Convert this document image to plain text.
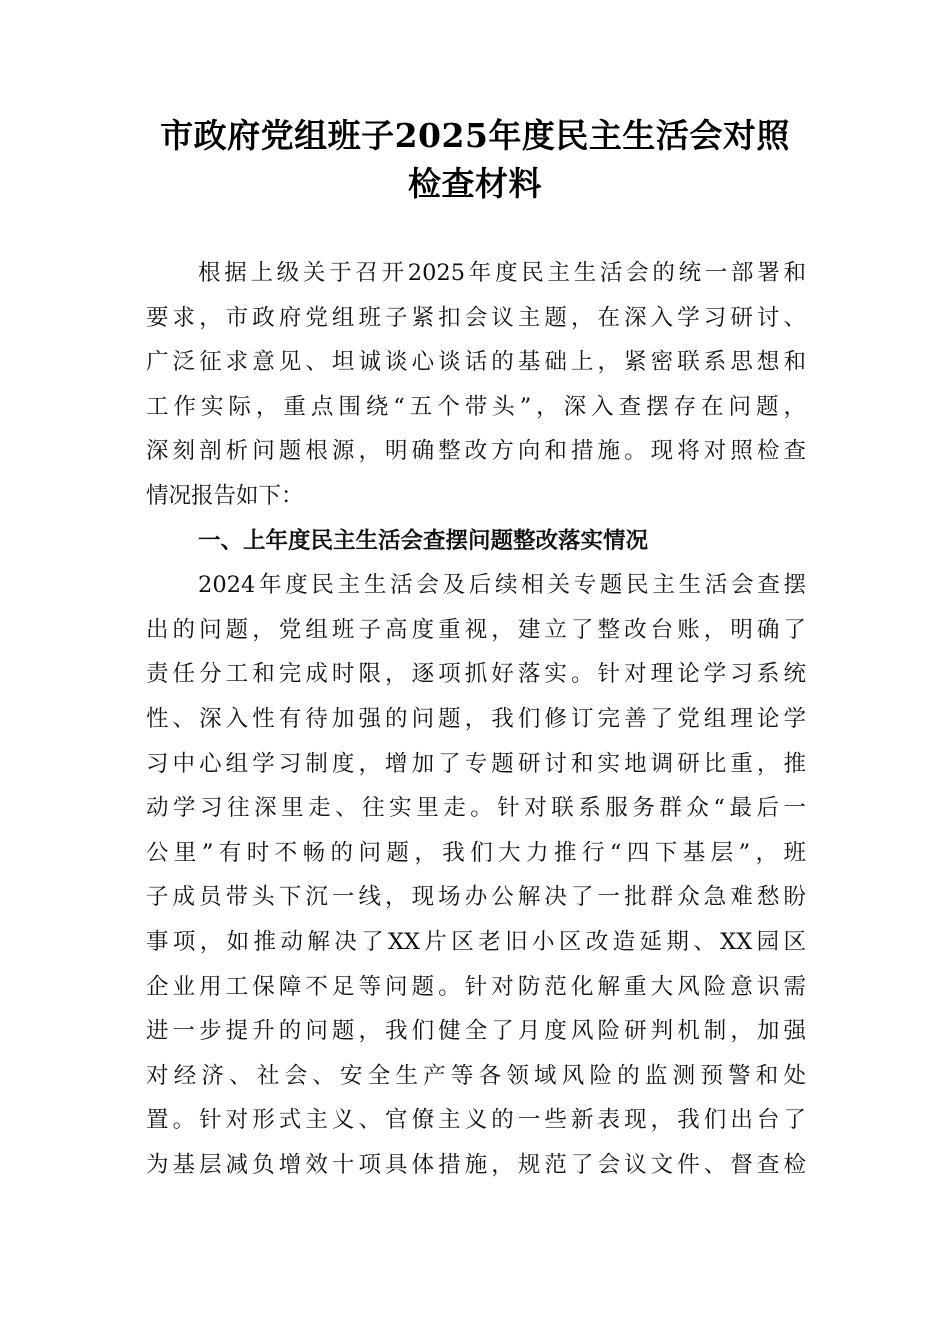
市政府党组班子2025年度民主生活会对照
检查材料
根据上级关于召开2025年度民主生活会的统一部署和
要求，市政府党组班子紧扣会议主题，在深入学习研讨、
广泛征求意见、坦诚谈心谈话的基础上，紧密联系思想和
工作实际，重点围绕“五个带头”，深入查摆存在问题，
深刻剖析问题根源，明确整改方向和措施。现将对照检查
情况报告如下：
一、上年度民主生活会查摆问题整改落实情况
2024年度民主生活会及后续相关专题民主生活会查摆
出的问题，党组班子高度重视，建立了整改台账，明确了
责任分工和完成时限，逐项抓好落实。针对理论学习系统
性、深入性有待加强的问题，我们修订完善了党组理论学
习中心组学习制度，增加了专题研讨和实地调研比重，推
动学习往深里走、往实里走。针对联系服务群众“最后一
公里”有时不畅的问题，我们大力推行“四下基层”，班
子成员带头下沉一线，现场办公解决了一批群众急难愁盼
事项，如推动解决了XX片区老旧小区改造延期、XX园区
企业用工保障不足等问题。针对防范化解重大风险意识需
进一步提升的问题，我们健全了月度风险研判机制，加强
对经济、社会、安全生产等各领域风险的监测预警和处
置。针对形式主义、官僚主义的一些新表现，我们出台了
为基层减负增效十项具体措施，规范了会议文件、督查检
